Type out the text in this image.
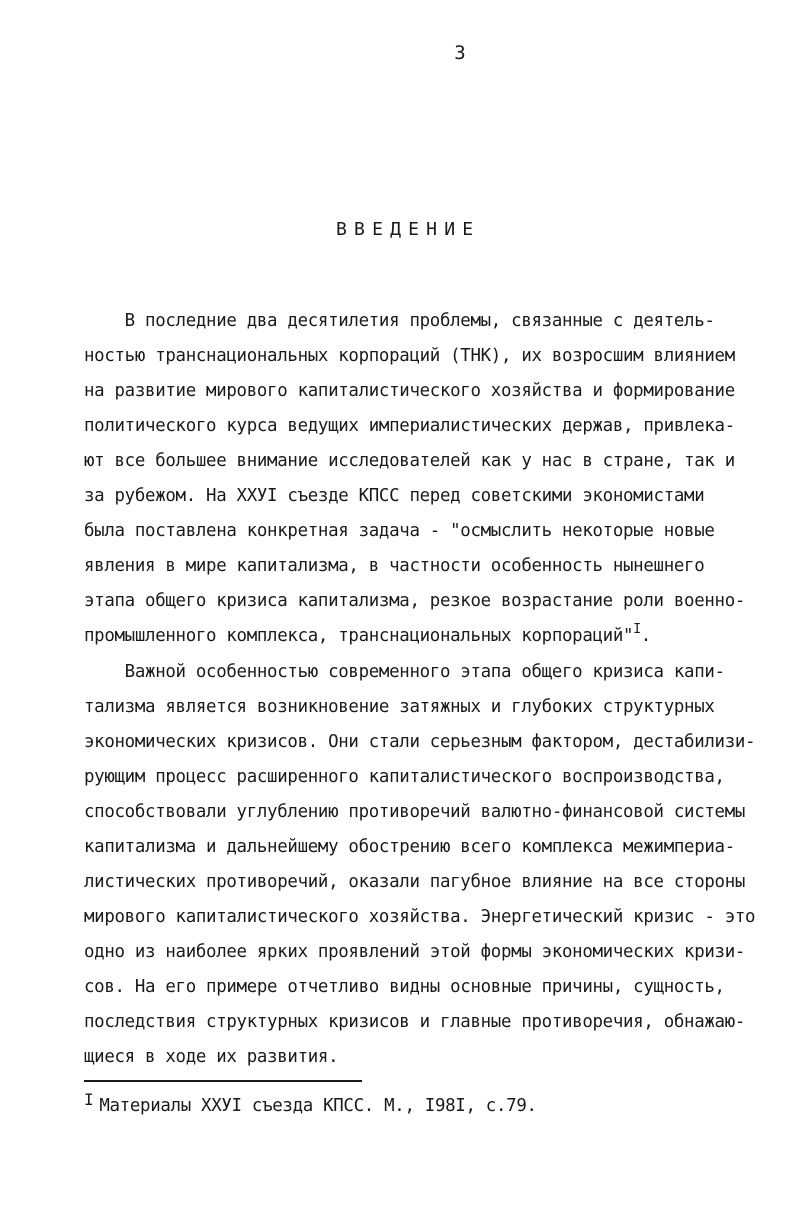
3
ВВЕДЕНИЕ
В последние два десятилетия проблемы, связанные с деятель-
ностью транснациональных корпораций (ТНК), их возросшим влиянием
на развитие мирового капиталистического хозяйства и формирование
политического курса ведущих империалистических держав, привлека-
ют все большее внимание исследователей как у нас в стране, так и
за рубежом. На ХХУI съезде КПСС перед советскими экономистами
была поставлена конкретная задача - "осмыслить некоторые новые
явления в мире капитализма, в частности особенность нынешнего
этапа общего кризиса капитализма, резкое возрастание роли военно-
промышленного комплекса, транснациональных корпораций"$^I$.
Важной особенностью современного этапа общего кризиса капи-
тализма является возникновение затяжных и глубоких структурных
экономических кризисов. Они стали серьезным фактором, дестабилизи-
рующим процесс расширенного капиталистического воспроизводства,
способствовали углублению противоречий валютно-финансовой системы
капитализма и дальнейшему обострению всего комплекса межимпериа-
листических противоречий, оказали пагубное влияние на все стороны
мирового капиталистического хозяйства. Энергетический кризис - это
одно из наиболее ярких проявлений этой формы экономических кризи-
сов. На его примере отчетливо видны основные причины, сущность,
последствия структурных кризисов и главные противоречия, обнажаю-
щиеся в ходе их развития.
I Материалы ХХУI съезда КПСС. М., I98I, с.79.
